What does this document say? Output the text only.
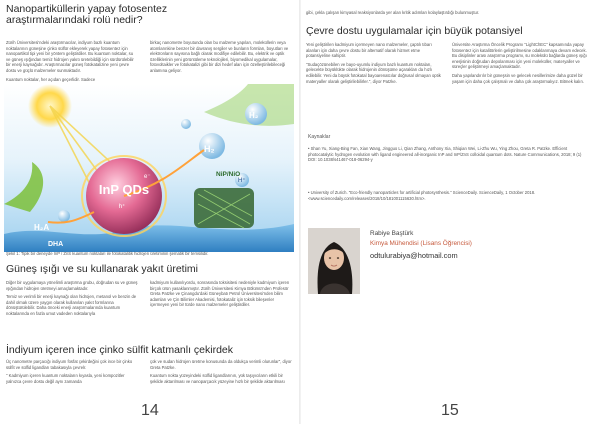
Nanopartiküllerin yapay fotosentez araştırmalarındaki rolü nedir?

Zürih Üniversitesi'ndeki araştırmacılar, indiyum bazlı kuantum noktalarının güneşine çinko sülfür ekleyerek yapay fotosentez için nanopartikül tipi yeni bir yöntem geliştirdiler. Bu kuantum noktalar, su ve güneş ışığından temiz hidrojen yakıtı üretebildiği için sürdürülebilir bir enerji kaynağıdır. Araştırmacılar güneş fotokatalizine yeni çevre dostu ve güçlü malzemeler sunmaktadır.

Kuantum noktalar, her açıdan geçerlidir. Sadece

birkaç nanometre boyutunda olan bu malzeme yapıları, moleküllerin veya atomlarınkine benzer bir davranış sergiler ve bunların formları, boyutları ve elektronların sayısına bağlı olarak modifiye edilebilir. Bu, elektrik ve optik özelliklerinin yeni görüntüleme teknolojileri, biyomedikal uygulamalar, fotovoltaikler ve fotokatalizi gibi bir dizi hedef alan için özelleştirilebileceği anlamına geliyor.

InP QDs
h⁺
e⁻
H₂
H₂
NiP/NiO
H⁺
H₂A
DHA
Şekil 1: Tipik bir deneyde InP / ZnS kuantum noktaları ile fotokatalitik hidrojen üretiminin şematik bir temsilidir.
Güneş ışığı ve su kullanarak yakıt üretimi

Diğer bir uygulamaya yönelimli araştırma grubu, doğrudan su ve güneş ışığından hidrojen üretmeyi amaçlamaktadır.

Temiz ve verimli bir enerji kaynağı olan hidrojen, metanol ve benzin de dahil olmak üzere yaygın olarak kullanılan yakıt formlarına dönüştürülebilir. Daha önceki enerji araştırmalarında kuantum noktalarında en fazla umut vadeden noktalarıyla

kadmiyum kullanılıyordu, sonrasında toksisitesi nedeniyle kadmiyum içeren birçok ürün yasaklanmıştır. Zürih Üniversitesi Kimya Bölümü'nden Profesör Greta Patzke ve Çinangdu'daki Güneybatı Petrol Üniversitesi'nden bilim adamları ve Çin Bilimler Akademisi, fotokataliz için toksik bileşenler içermeyen yeni bir türde nano malzemeler geliştirdiler.

İndiyum içeren ince çinko sülfit katmanlı çekirdek

Üç nanometre parçacığı indiyum fosfat çekirdeğini çok ince bir çinko sülfit ve sülfid ligandları tabakasıyla çevrelr.

" Kadmiyum içeren kuantum noktaların kıyasla, yeni kompozitler yalnızca çevre dostu değil aynı zamanda

çok ve sudan hidrojen üretme konusunda da oldukça verimli olurunlar", diyor Greta Patzke.

Kuantum nokta yüzeyindeki sülfid ligandlarının, yük taşıyıcıların etkili bir şekilde aktarılması ve nanoparçacık yüzeyine hızlı bir şekilde aktarılması

14

gibi, çekla çalışan kimyasal reaksiyonlarda yer alan kritik adımları kolaylaştırdığı bulunmuştur.

Çevre dostu uygulamalar için büyük potansiyel

Yeni geliştirilen kadmiyum içermeyen nano malzemeler, çaptılı tıbarı alanları için daha çevre dostu bir alternatif olarak hizmet etme potansiyeline sahiptir.

"Sudaçözünebilen ve bayo-uyumlu indiyum bazlı kuantum noktaları, gelecekte büyüklükte olarak hidrojenin dönüşüme açarakları da hızlı edilebilir. Yeni da büyük fotokatal bayoarenatcılar doğrusal olmayan optik materyaller olarak geliştirilebilirler.", diyor Patzke.

Üniversite Araştırma Öncelik Programı "LightChEC" kapsamında yapay fotosentez için katalitörlerin geliştirilmesine odaklanmaya devam edecek. Bu disiplinler arası araştırma programı, su molekülü bağlarda güneş ışığı enerjisinin doğrudan depolanması için yeni moleküller, materyaller ve süreçler geliştirmeyi amaçlamaktadır.

Daha yapılandırılır bir güneşsin ve gelecek nesillerimize daha güzel bir yaşam için daha çok çalışmalı ve daha çok araştırmalıyız. Bitmek kalın.

Kaynaklar
• Shan Yu, Xiang-Bing Fan, Xian Wang, Jingguo Li, Qian Zhang, Anthony Xia, Shiqian Wei, Li-Zhu Wu, Ying Zhou, Greta R. Patzke. Efficient photocatalytic hydrogen evolution with ligand engineered all-inorganic InP and InP/ZnS colloidal quantum dots. Nature Communications, 2018; 9 (1) DOI: 10.1038/s41467-018-06294-y
• University of Zurich. "Eco-friendly nanoparticles for artificial photosynthesis." ScienceDaily. ScienceDaily, 1 October 2018. <www.sciencedaily.com/releases/2018/10/181001115630.htm>.
Rabiye Baştürk
Kimya Mühendisi (Lisans Öğrencisi)
odtulurabiya@hotmail.com
15
